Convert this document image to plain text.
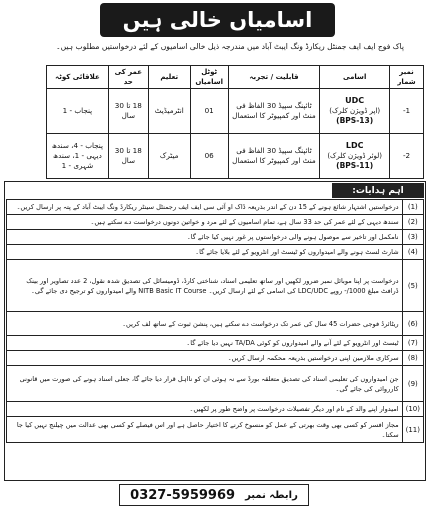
اسامیاں خالی ہیں
پاک فوج ایف ایف جمنٹل ریکارڈ ونگ ایبٹ آباد میں مندرجہ ذیل خالی اسامیوں کے لئے درخواستیں مطلوب ہیں۔
نمبر شمار	اسامی	قابلیت / تجربہ	ٹوٹل اسامیاں	تعلیم	عمر کی حد	علاقائی کوٹہ
1-	UDC
(اپر ڈویژن کلرک)
(BPS-13)	ٹائپنگ سپیڈ 30 الفاظ فی منٹ اور کمپیوٹر کا استعمال	01	انٹرمیڈیٹ	18 تا 30 سال	پنجاب - 1
2-	LDC
(لوئر ڈویژن کلرک)
(BPS-11)	ٹائپنگ سپیڈ 30 الفاظ فی منٹ اور کمپیوٹر کا استعمال	06	میٹرک	18 تا 30 سال	پنجاب - 4، سندھ دیہی - 1، سندھ شہری - 1
اہم ہدایات:
درخواستیں اشتہار شائع ہونے کے 15 دن کے اندر بذریعہ ڈاک او آئی سی ایف ایف رجمنٹل سینٹر ریکارڈ ونگ ایبٹ آباد کے پتہ پر ارسال کریں۔	(1)
سندھ دیہی کے لئے عمر کی حد 33 سال ہے، تمام اسامیوں کے لئے مرد و خواتین دونوں درخواست دے سکتے ہیں۔	(2)
نامکمل اور تاخیر سے موصول ہونے والی درخواستوں پر غور نہیں کیا جائے گا۔	(3)
شارٹ لسٹ ہونے والے امیدواروں کو ٹیسٹ اور انٹرویو کے لئے بلایا جائے گا۔	(4)
درخواست پر اپنا موبائل نمبر ضرور لکھیں اور ساتھ تعلیمی اسناد، شناختی کارڈ، ڈومیسائل کی تصدیق شدہ نقول، 2 عدد تصاویر اور بینک ڈرافٹ مبلغ 1000/- روپے LDC/UDC کی اسامی کے لئے ارسال کریں۔ NITB Basic IT Course والے امیدواروں کو ترجیح دی جائے گی۔	(5)
ریٹائرڈ فوجی حضرات 45 سال کی عمر تک درخواست دے سکتے ہیں، پنشن ثبوت کے ساتھ لف کریں۔	(6)
ٹیسٹ اور انٹرویو کے لئے آنے والے امیدواروں کو کوئی TA/DA نہیں دیا جائے گا۔	(7)
سرکاری ملازمین اپنی درخواستیں بذریعہ محکمہ ارسال کریں۔	(8)
جن امیدواروں کی تعلیمی اسناد کی تصدیق متعلقہ بورڈ سے نہ ہوئی ان کو نااہل قرار دیا جائے گا، جعلی اسناد ہونے کی صورت میں قانونی کارروائی کی جائے گی۔	(9)
امیدوار اپنے والد کے نام اور دیگر تفصیلات درخواست پر واضح طور پر لکھیں۔	(10)
مجاز افسر کو کسی بھی وقت بھرتی کے عمل کو منسوخ کرنے کا اختیار حاصل ہے اور اس فیصلے کو کسی بھی عدالت میں چیلنج نہیں کیا جا سکتا۔	(11)
رابطہ نمبر
0327-5959969
